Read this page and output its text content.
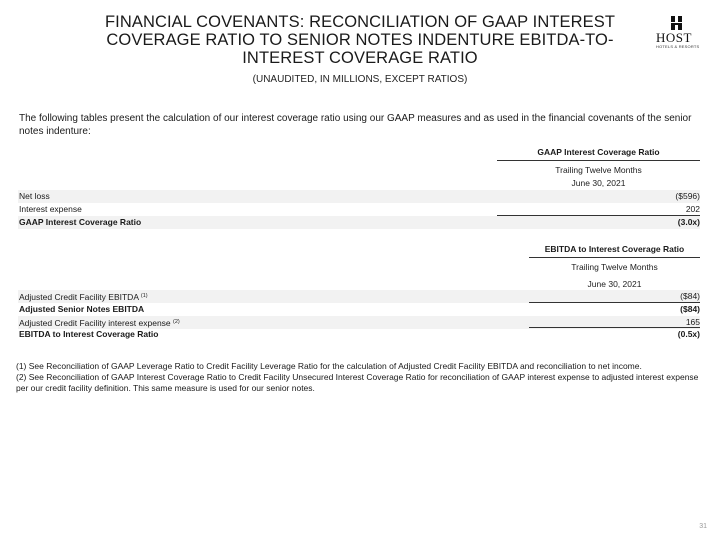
FINANCIAL COVENANTS: RECONCILIATION OF GAAP INTEREST
COVERAGE RATIO TO SENIOR NOTES INDENTURE EBITDA-TO-
INTEREST COVERAGE RATIO
(UNAUDITED, IN MILLIONS, EXCEPT RATIOS)
HOST
HOTELS & RESORTS
The following tables present the calculation of our interest coverage ratio using our GAAP measures and as used in the financial covenants of the senior notes indenture:
GAAP Interest Coverage Ratio
Trailing Twelve Months
June 30, 2021
Net loss	($596)
Interest expense	202
GAAP Interest Coverage Ratio	(3.0x)
EBITDA to Interest Coverage Ratio
Trailing Twelve Months
June 30, 2021
Adjusted Credit Facility EBITDA $^{(1)}$	($84)
Adjusted Senior Notes EBITDA	($84)
Adjusted Credit Facility interest expense $^{(2)}$	165
EBITDA to Interest Coverage Ratio	(0.5x)
(1) See Reconciliation of GAAP Leverage Ratio to Credit Facility Leverage Ratio for the calculation of Adjusted Credit Facility EBITDA and reconciliation to net income.
(2) See Reconciliation of GAAP Interest Coverage Ratio to Credit Facility Unsecured Interest Coverage Ratio for reconciliation of GAAP interest expense to adjusted interest expense per our credit facility definition. This same measure is used for our senior notes.
31
